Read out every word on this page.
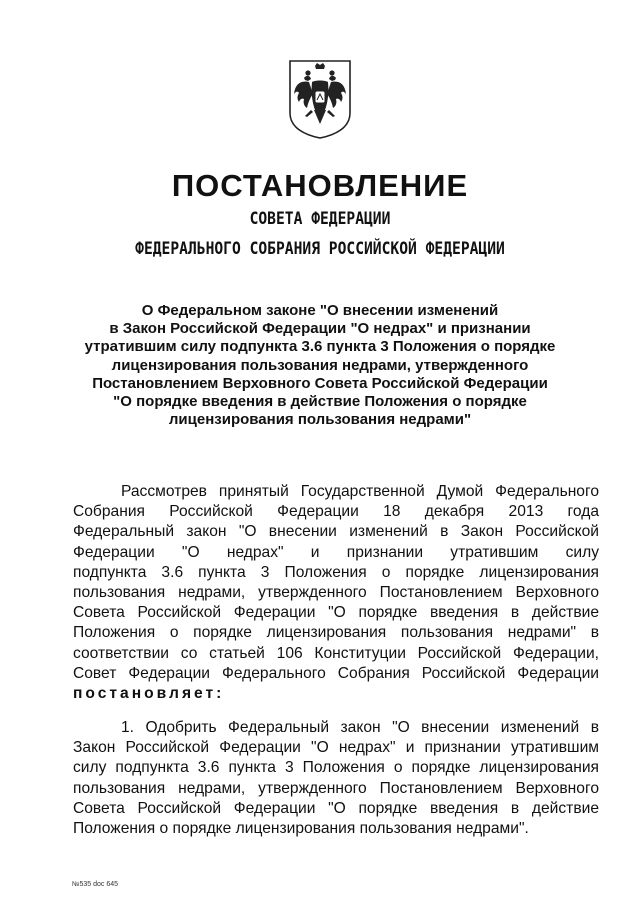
ПОСТАНОВЛЕНИЕ
СОВЕТА ФЕДЕРАЦИИ
ФЕДЕРАЛЬНОГО СОБРАНИЯ РОССИЙСКОЙ ФЕДЕРАЦИИ
О Федеральном законе "О внесении изменений
в Закон Российской Федерации "О недрах" и признании
утратившим силу подпункта 3.6 пункта 3 Положения о порядке
лицензирования пользования недрами, утвержденного
Постановлением Верховного Совета Российской Федерации
"О порядке введения в действие Положения о порядке
лицензирования пользования недрами"
Рассмотрев принятый Государственной Думой Федерального
Собрания Российской Федерации 18 декабря 2013 года
Федеральный закон "О внесении изменений в Закон Российской
Федерации "О недрах" и признании утратившим силу
подпункта 3.6 пункта 3 Положения о порядке лицензирования
пользования недрами, утвержденного Постановлением Верховного
Совета Российской Федерации "О порядке введения в действие
Положения о порядке лицензирования пользования недрами" в
соответствии со статьей 106 Конституции Российской Федерации,
Совет Федерации Федерального Собрания Российской Федерации
постановляет:
1. Одобрить Федеральный закон "О внесении изменений в
Закон Российской Федерации "О недрах" и признании утратившим
силу подпункта 3.6 пункта 3 Положения о порядке лицензирования
пользования недрами, утвержденного Постановлением Верховного
Совета Российской Федерации "О порядке введения в действие
Положения о порядке лицензирования пользования недрами".
№535 doc 645
